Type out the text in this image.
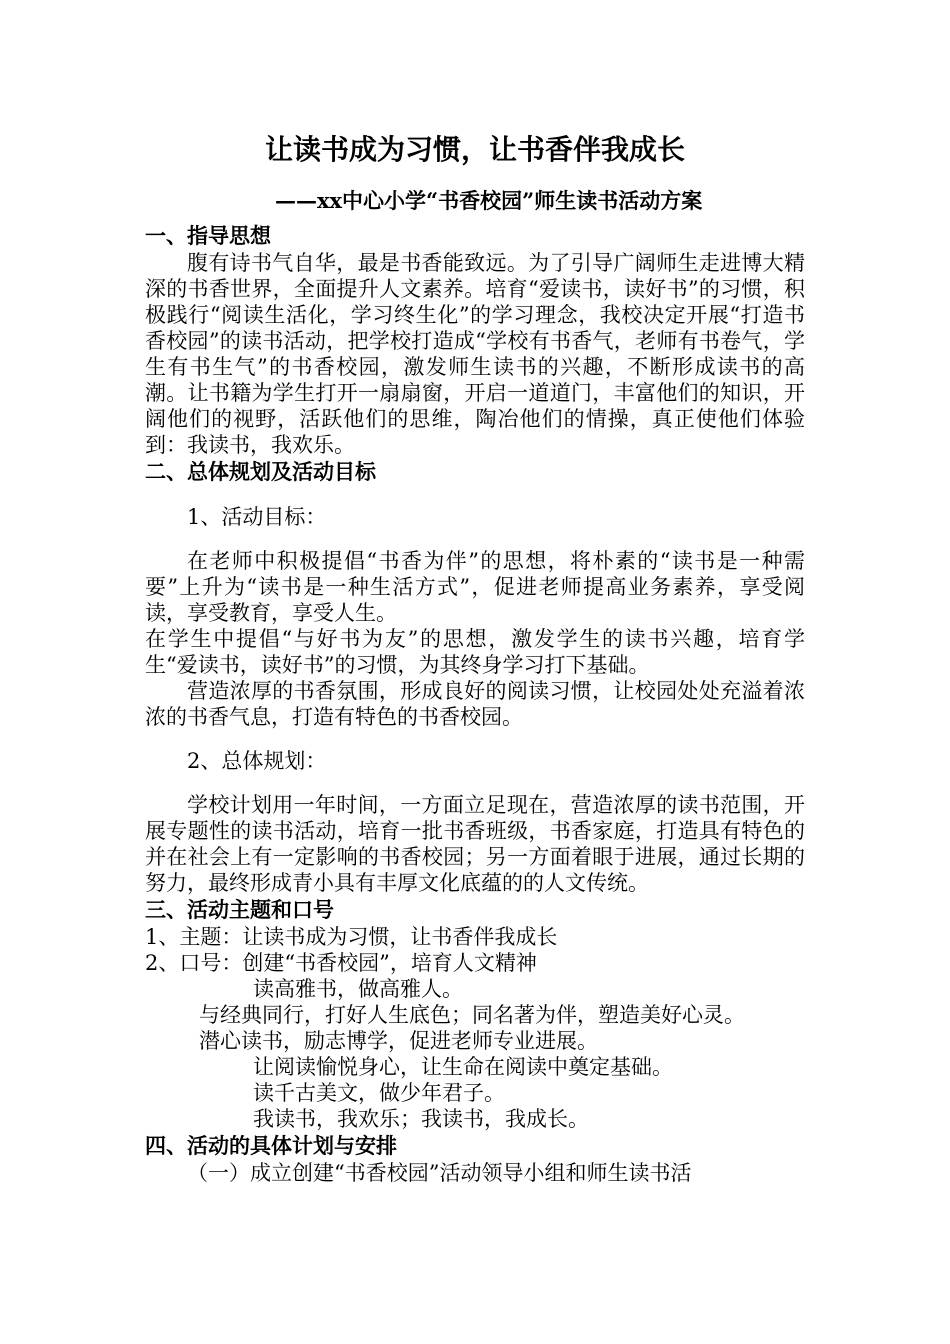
让读书成为习惯，让书香伴我成长
——xx中心小学“书香校园”师生读书活动方案

一、指导思想

腹有诗书气自华，最是书香能致远。为了引导广阔师生走进博大精深的书香世界，全面提升人文素养。培育“爱读书，读好书”的习惯，积极践行“阅读生活化，学习终生化”的学习理念，我校决定开展“打造书香校园”的读书活动，把学校打造成“学校有书香气，老师有书卷气，学生有书生气”的书香校园，激发师生读书的兴趣，不断形成读书的高潮。让书籍为学生打开一扇扇窗，开启一道道门，丰富他们的知识，开阔他们的视野，活跃他们的思维，陶冶他们的情操，真正使他们体验到：我读书，我欢乐。

二、总体规划及活动目标

1、活动目标：

在老师中积极提倡“书香为伴”的思想，将朴素的“读书是一种需要”上升为“读书是一种生活方式”，促进老师提高业务素养，享受阅读，享受教育，享受人生。

在学生中提倡“与好书为友”的思想，激发学生的读书兴趣，培育学生“爱读书，读好书”的习惯，为其终身学习打下基础。

营造浓厚的书香氛围，形成良好的阅读习惯，让校园处处充溢着浓浓的书香气息，打造有特色的书香校园。

2、总体规划：

学校计划用一年时间，一方面立足现在，营造浓厚的读书范围，开展专题性的读书活动，培育一批书香班级，书香家庭，打造具有特色的并在社会上有一定影响的书香校园；另一方面着眼于进展，通过长期的努力，最终形成青小具有丰厚文化底蕴的的人文传统。

三、活动主题和口号

1、主题：让读书成为习惯，让书香伴我成长

2、口号：创建“书香校园”，培育人文精神

读高雅书，做高雅人。

与经典同行，打好人生底色；同名著为伴，塑造美好心灵。

潜心读书，励志博学，促进老师专业进展。

让阅读愉悦身心，让生命在阅读中奠定基础。

读千古美文，做少年君子。

我读书，我欢乐；我读书，我成长。

四、活动的具体计划与安排

（一）成立创建“书香校园”活动领导小组和师生读书活
